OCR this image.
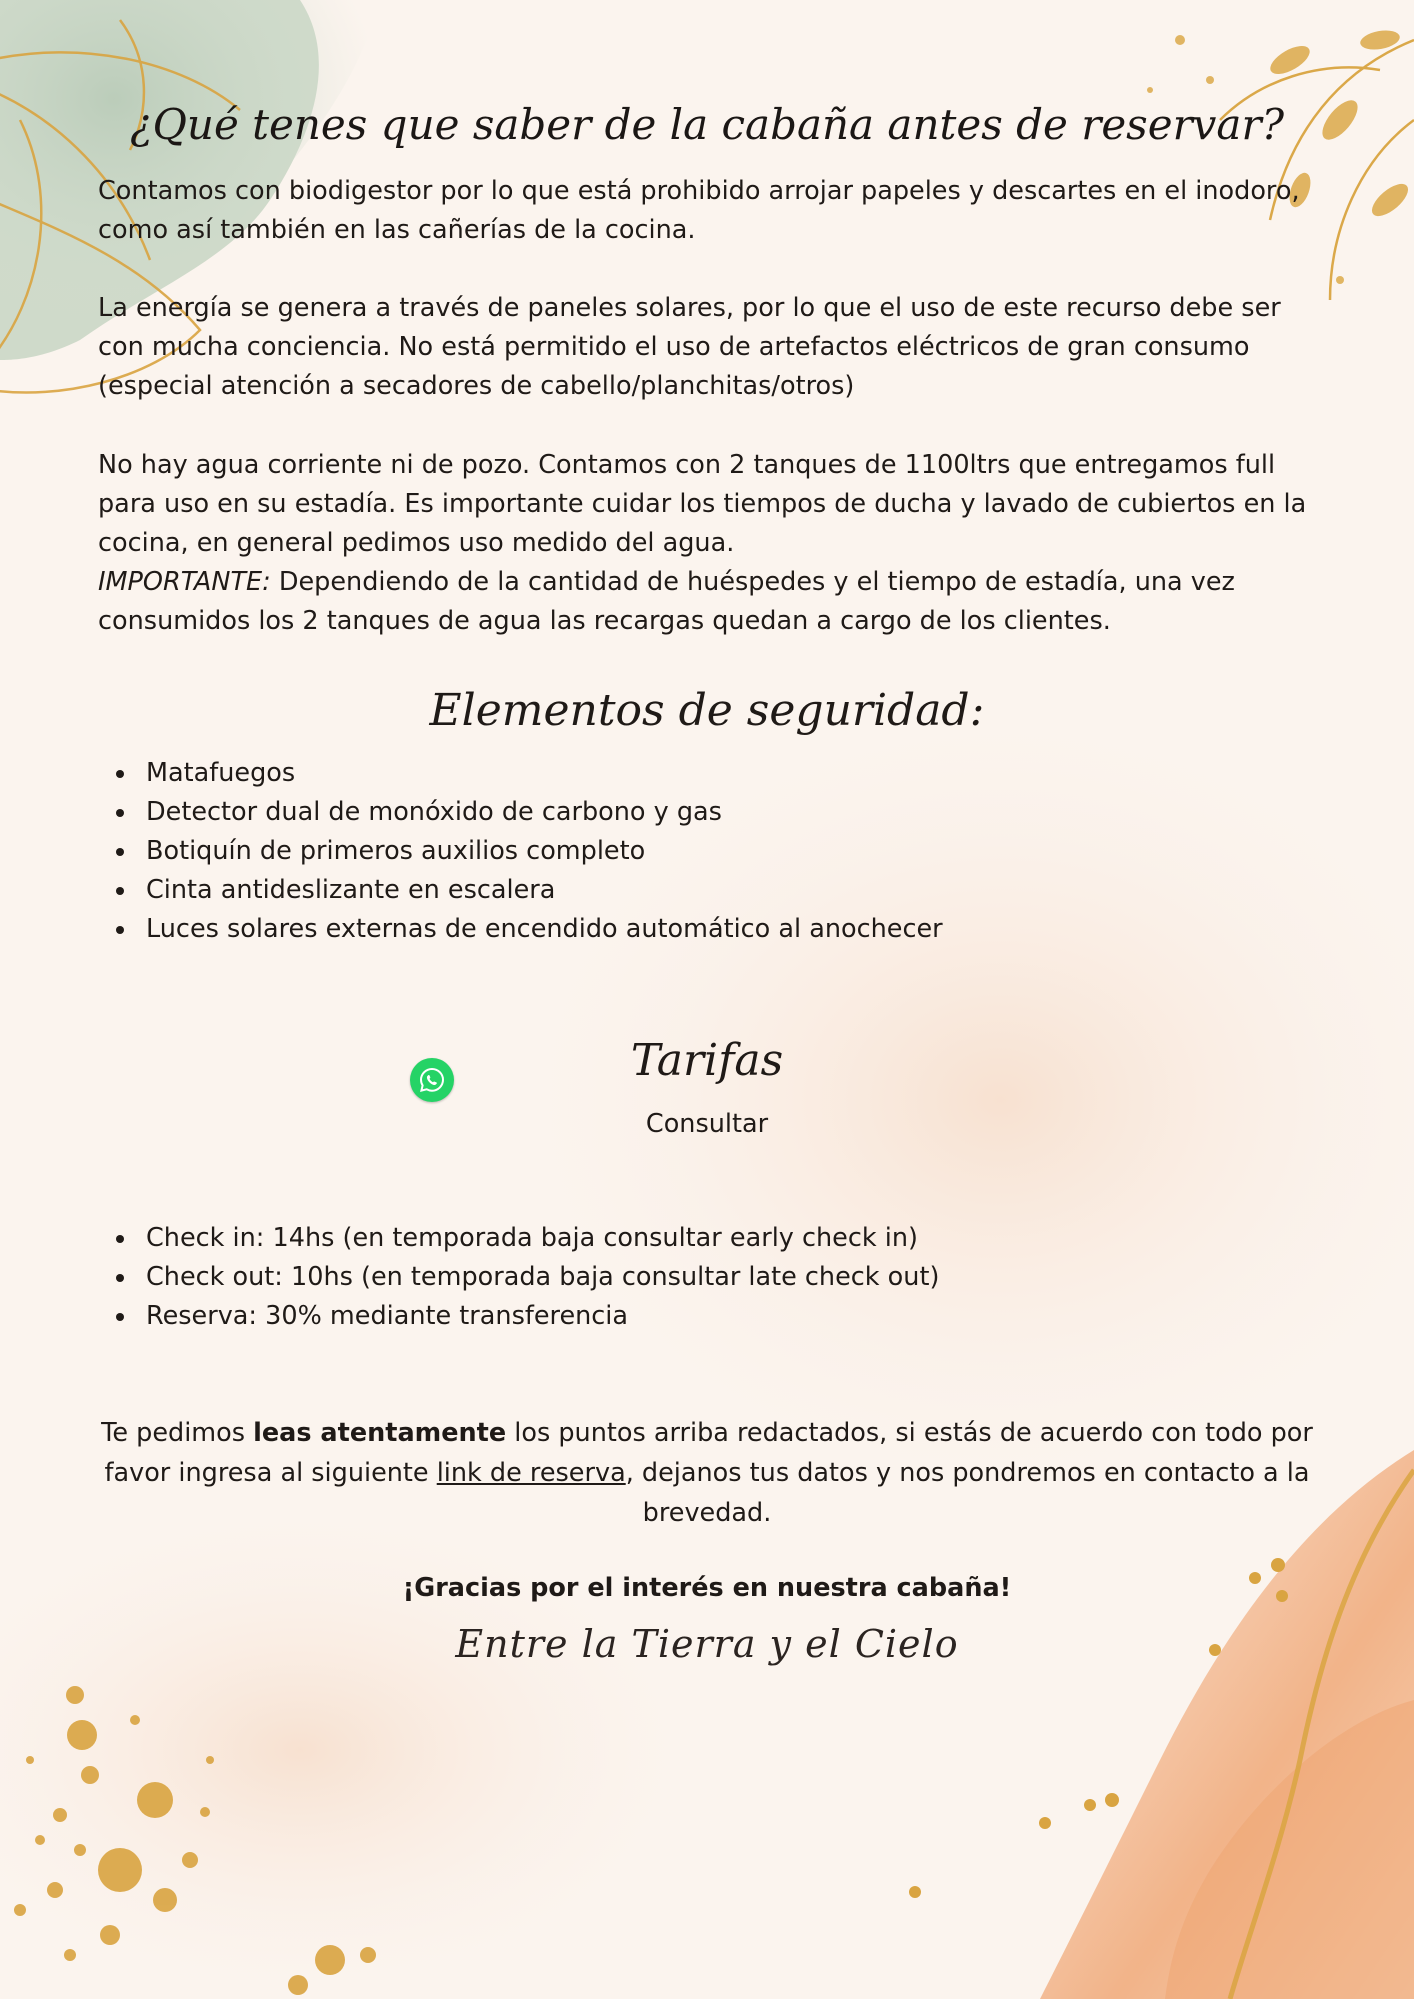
¿Qué tenes que saber de la cabaña antes de reservar?

Contamos con biodigestor por lo que está prohibido arrojar papeles y descartes en el inodoro, como así también en las cañerías de la cocina.

La energía se genera a través de paneles solares, por lo que el uso de este recurso debe ser con mucha conciencia. No está permitido el uso de artefactos eléctricos de gran consumo (especial atención a secadores de cabello/planchitas/otros)

No hay agua corriente ni de pozo. Contamos con 2 tanques de 1100ltrs que entregamos full para uso en su estadía. Es importante cuidar los tiempos de ducha y lavado de cubiertos en la cocina, en general pedimos uso medido del agua.
IMPORTANTE: Dependiendo de la cantidad de huéspedes y el tiempo de estadía, una vez consumidos los 2 tanques de agua las recargas quedan a cargo de los clientes.
Elementos de seguridad:
Matafuegos
Detector dual de monóxido de carbono y gas
Botiquín de primeros auxilios completo
Cinta antideslizante en escalera
Luces solares externas de encendido automático al anochecer
Tarifas
Consultar
Check in: 14hs (en temporada baja consultar early check in)
Check out: 10hs (en temporada baja consultar late check out)
Reserva: 30% mediante transferencia

Te pedimos leas atentamente los puntos arriba redactados, si estás de acuerdo con todo por favor ingresa al siguiente link de reserva, dejanos tus datos y nos pondremos en contacto a la brevedad.

¡Gracias por el interés en nuestra cabaña!
Entre la Tierra y el Cielo
